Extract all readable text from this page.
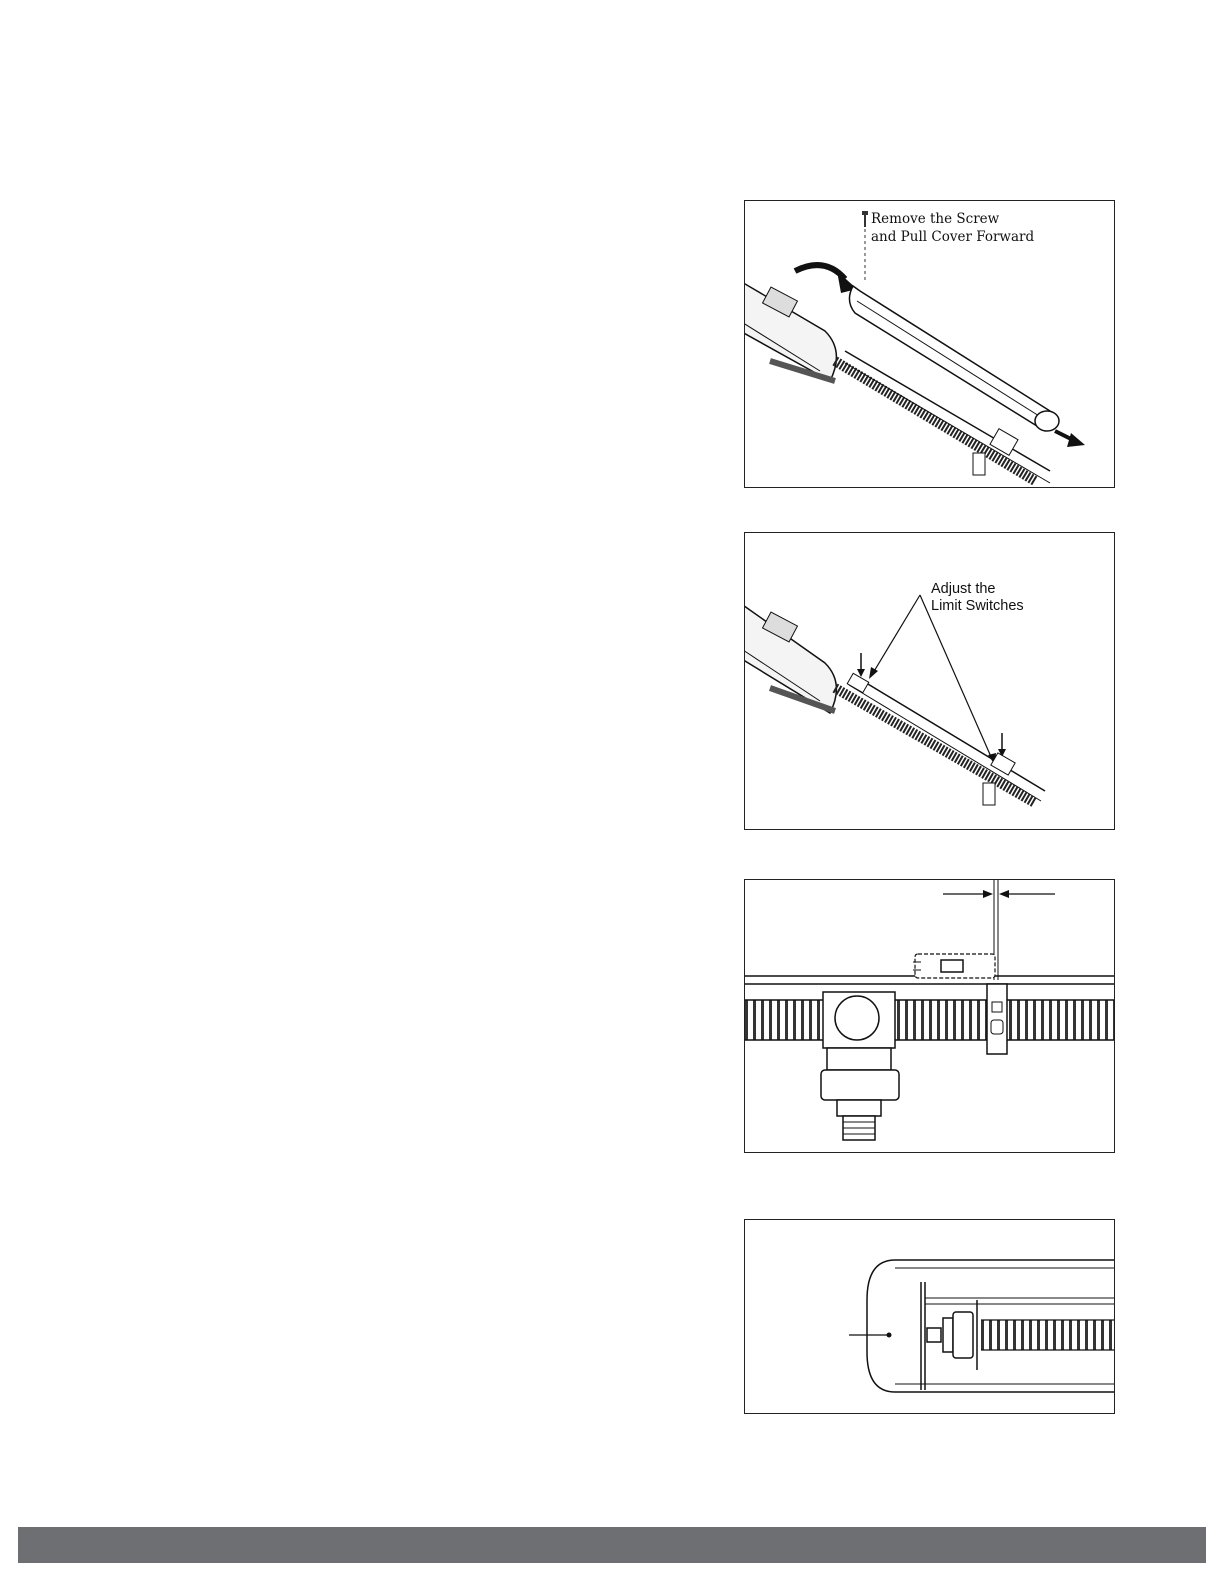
Remove the Screw
and Pull Cover Forward
Adjust the
Limit Switches
